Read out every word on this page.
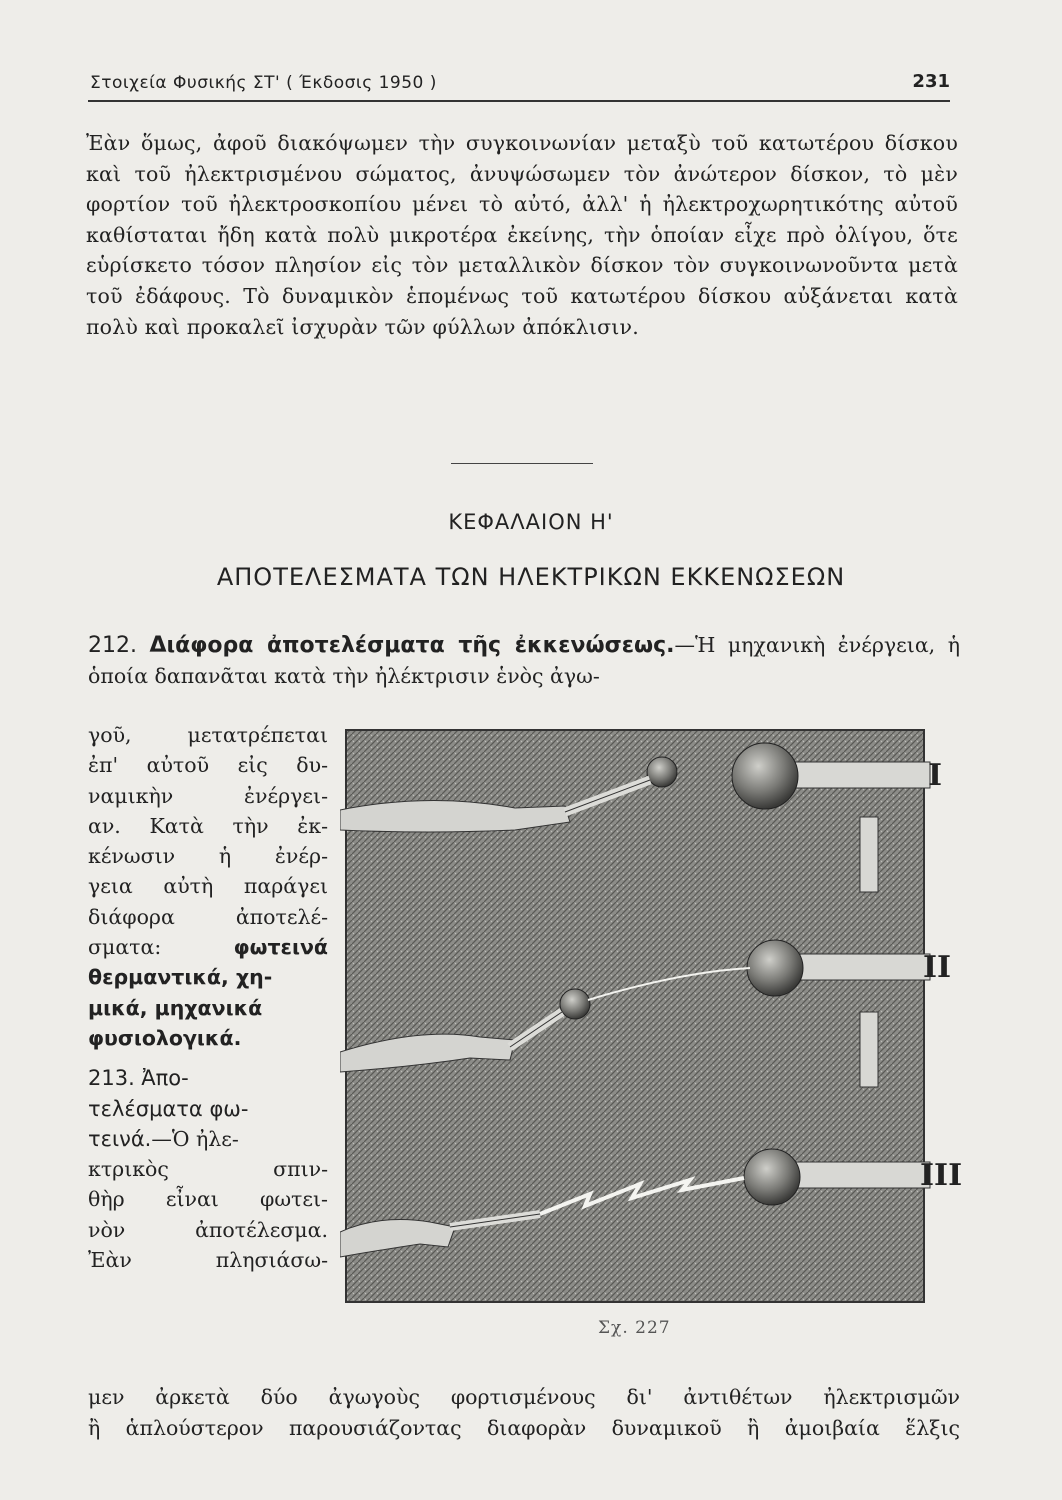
Στοιχεία Φυσικής ΣΤ' ( Έκδοσις 1950 )	231
Ἐὰν ὅμως, ἀφοῦ διακόψωμεν τὴν συγκοινωνίαν μεταξὺ τοῦ κατωτέρου δίσκου καὶ τοῦ ἠλεκτρισμένου σώματος, ἀνυψώσωμεν τὸν ἀνώτερον δίσκον, τὸ μὲν φορτίον τοῦ ἠλεκτροσκοπίου μένει τὸ αὐτό, ἀλλ' ἡ ἠλεκτροχωρητικότης αὐτοῦ καθίσταται ἤδη κατὰ πολὺ μικροτέρα ἐκείνης, τὴν ὁποίαν εἶχε πρὸ ὀλίγου, ὅτε εὑρίσκετο τόσον πλησίον εἰς τὸν μεταλλικὸν δίσκον τὸν συγκοινωνοῦντα μετὰ τοῦ ἐδάφους. Τὸ δυναμικὸν ἑπομένως τοῦ κατωτέρου δίσκου αὐξάνεται κατὰ πολὺ καὶ προκαλεῖ ἰσχυρὰν τῶν φύλλων ἀπόκλισιν.
ΚΕΦΑΛΑΙΟΝ Η'
ΑΠΟΤΕΛΕΣΜΑΤΑ ΤΩΝ ΗΛΕΚΤΡΙΚΩΝ ΕΚΚΕΝΩΣΕΩΝ
212. Διάφορα ἀποτελέσματα τῆς ἐκκενώσεως.—Ἡ μηχανικὴ ἐνέργεια, ἡ ὁποία δαπανᾶται κατὰ τὴν ἠλέκτρισιν ἑνὸς ἀγω-
γοῦ, μετατρέπεται
ἐπ' αὐτοῦ εἰς δυ-
ναμικὴν ἐνέργει-
αν. Κατὰ τὴν ἐκ-
κένωσιν ἡ ἐνέρ-
γεια αὐτὴ παράγει
διάφορα ἀποτελέ-
σματα:	φωτεινά
θερμαντικά, χη-
μικά, μηχανικά
φυσιολογικά.
213. Ἀπο-
τελέσματα φω-
τεινά.—Ὁ ἠλε-
κτρικὸς σπιν-
θὴρ εἶναι φωτει-
νὸν ἀποτέλεσμα.
Ἐὰν πλησιάσω-
I
II
III
Σχ. 227
μεν ἀρκετὰ δύο ἀγωγοὺς φορτισμένους δι' ἀντιθέτων ἠλεκτρισμῶν
ἢ ἁπλούστερον παρουσιάζοντας διαφορὰν δυναμικοῦ ἢ ἀμοιβαία ἕλξις
